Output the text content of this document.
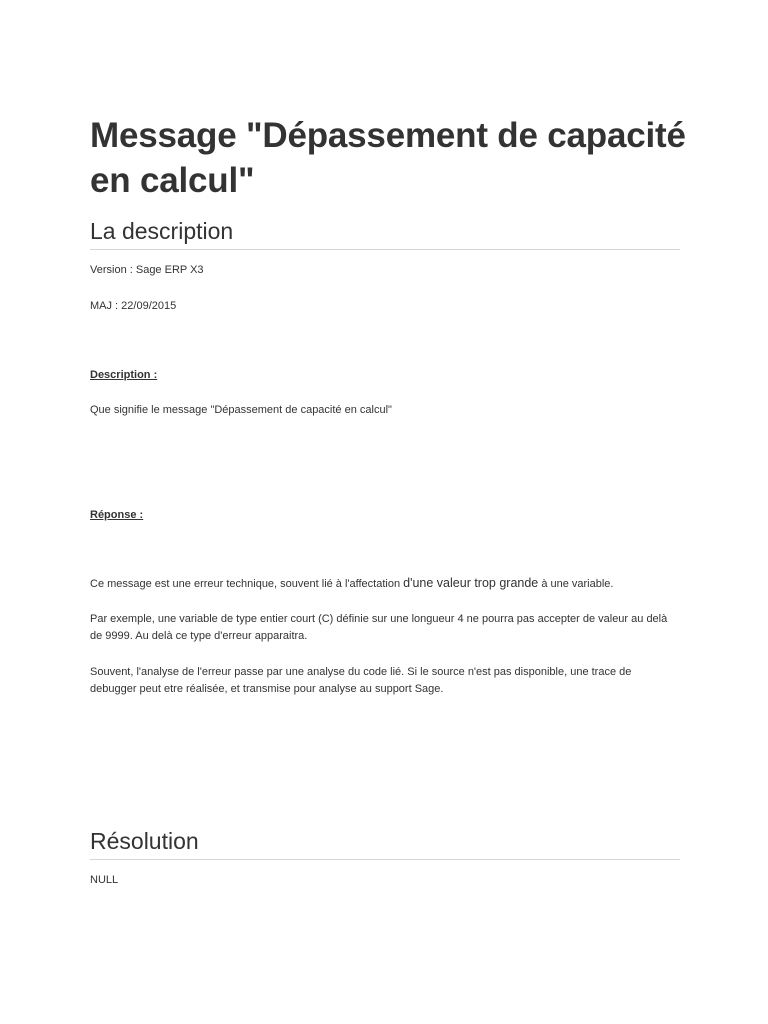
Message "Dépassement de capacité en calcul"
La description

Version : Sage ERP X3

MAJ : 22/09/2015

Description :

Que signifie le message "Dépassement de capacité en calcul"

Réponse :

Ce message est une erreur technique, souvent lié à l'affectation d'une valeur trop grande à une variable.

Par exemple, une variable de type entier court (C) définie sur une longueur 4 ne pourra pas accepter de valeur au delà de 9999. Au delà ce type d'erreur apparaitra.

Souvent, l'analyse de l'erreur passe par une analyse du code lié. Si le source n'est pas disponible, une trace de debugger peut etre réalisée, et transmise pour analyse au support Sage.

Résolution

NULL
